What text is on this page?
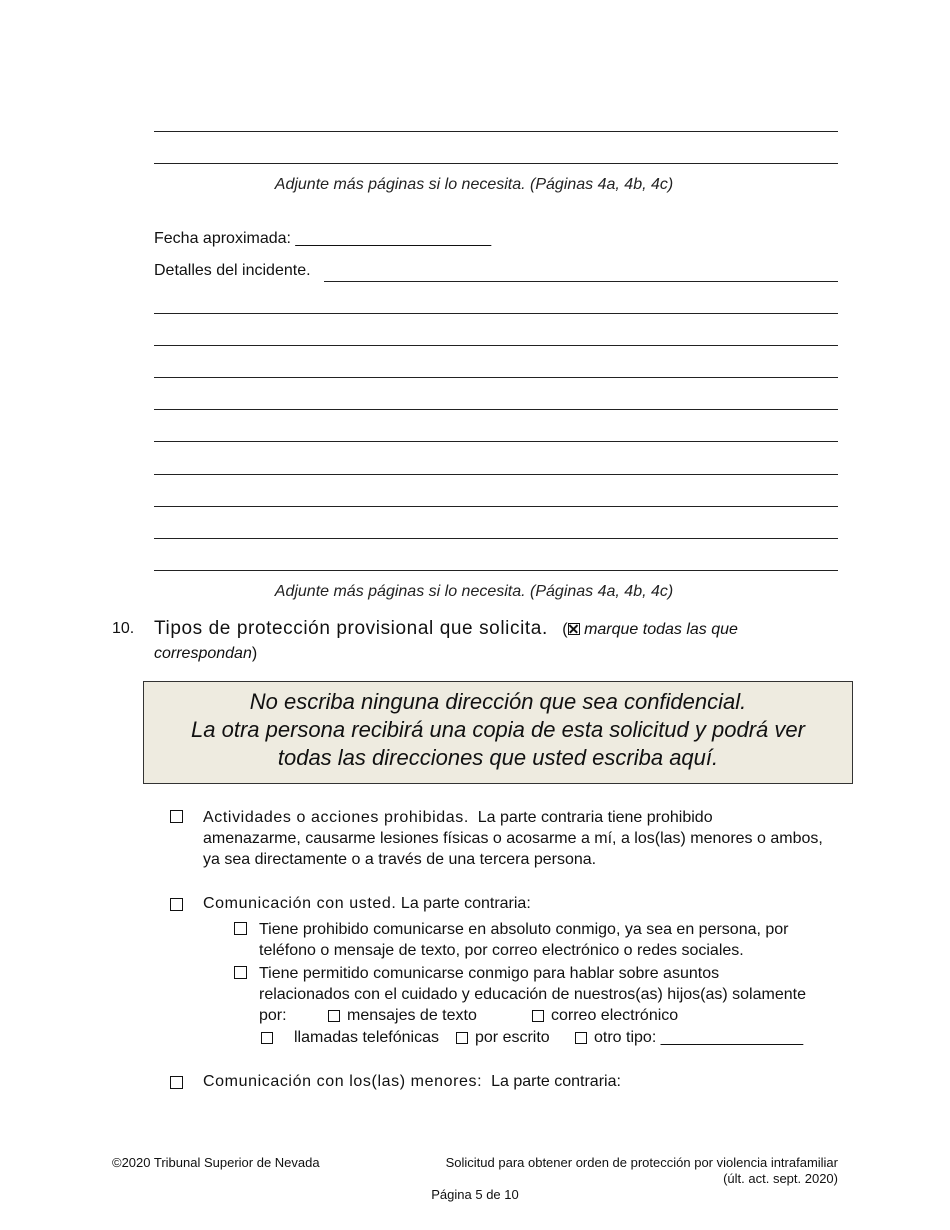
Adjunte más páginas si lo necesita. (Páginas 4a, 4b, 4c)
Fecha aproximada: ______________________
Detalles del incidente.
Adjunte más páginas si lo necesita. (Páginas 4a, 4b, 4c)
10. Tipos de protección provisional que solicita. ( marque todas las que
correspondan)
No escriba ninguna dirección que sea confidencial.
La otra persona recibirá una copia de esta solicitud y podrá ver
todas las direcciones que usted escriba aquí.
Actividades o acciones prohibidas. La parte contraria tiene prohibido
amenazarme, causarme lesiones físicas o acosarme a mí, a los(las) menores o ambos,
ya sea directamente o a través de una tercera persona.
Comunicación con usted. La parte contraria:
Tiene prohibido comunicarse en absoluto conmigo, ya sea en persona, por
teléfono o mensaje de texto, por correo electrónico o redes sociales.
Tiene permitido comunicarse conmigo para hablar sobre asuntos
relacionados con el cuidado y educación de nuestros(as) hijos(as) solamente
por:	mensajes de texto	correo electrónico
llamadas telefónicas por escrito	otro tipo: ________________
Comunicación con los(las) menores: La parte contraria:
©2020 Tribunal Superior de Nevada	Solicitud para obtener orden de protección por violencia intrafamiliar
(últ. act. sept. 2020)
Página 5 de 10
